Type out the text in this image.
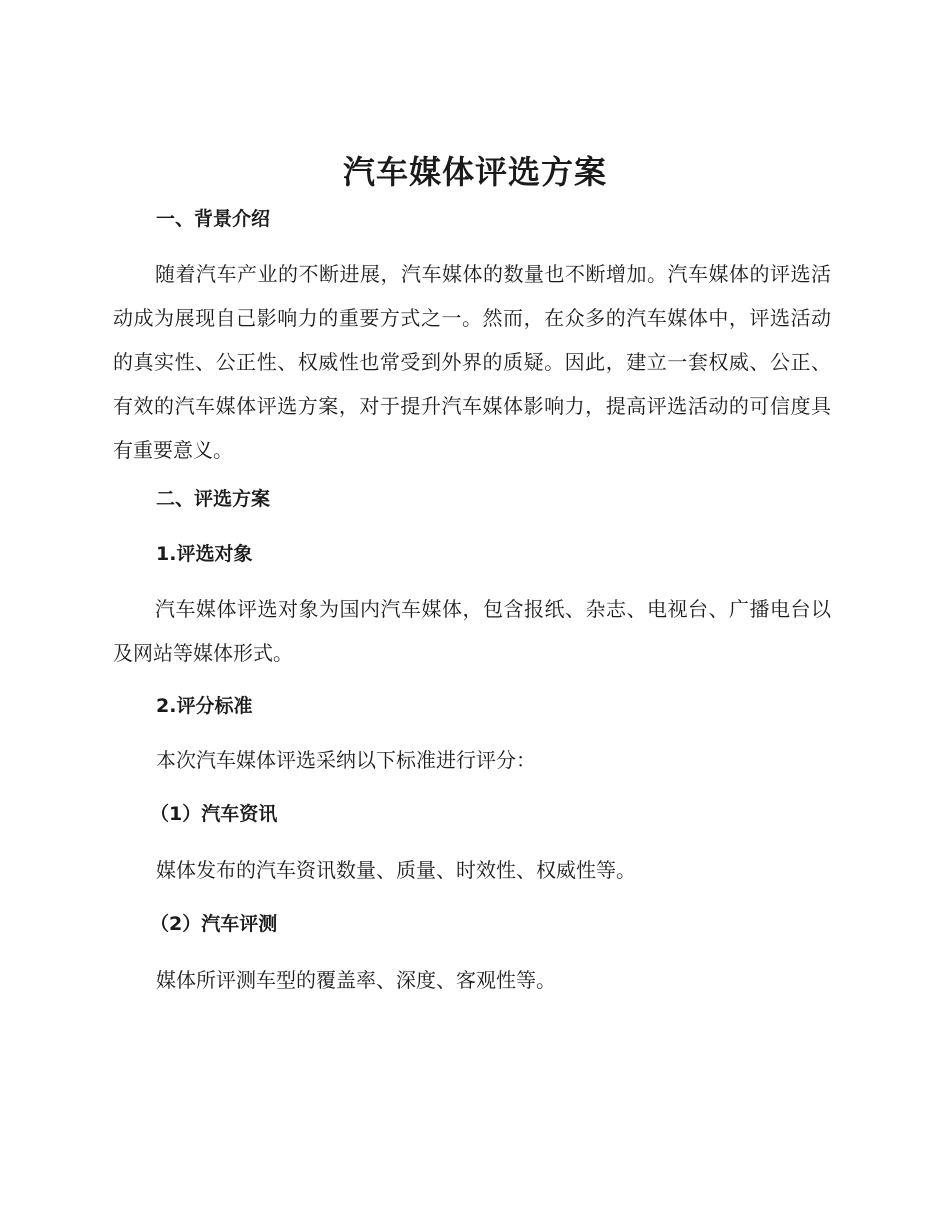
汽车媒体评选方案
一、背景介绍

随着汽车产业的不断进展，汽车媒体的数量也不断增加。汽车媒体的评选活动成为展现自己影响力的重要方式之一。然而，在众多的汽车媒体中，评选活动的真实性、公正性、权威性也常受到外界的质疑。因此，建立一套权威、公正、有效的汽车媒体评选方案，对于提升汽车媒体影响力，提高评选活动的可信度具有重要意义。

二、评选方案
1.评选对象

汽车媒体评选对象为国内汽车媒体，包含报纸、杂志、电视台、广播电台以及网站等媒体形式。

2.评分标准

本次汽车媒体评选采纳以下标准进行评分：

（1）汽车资讯

媒体发布的汽车资讯数量、质量、时效性、权威性等。

（2）汽车评测

媒体所评测车型的覆盖率、深度、客观性等。
